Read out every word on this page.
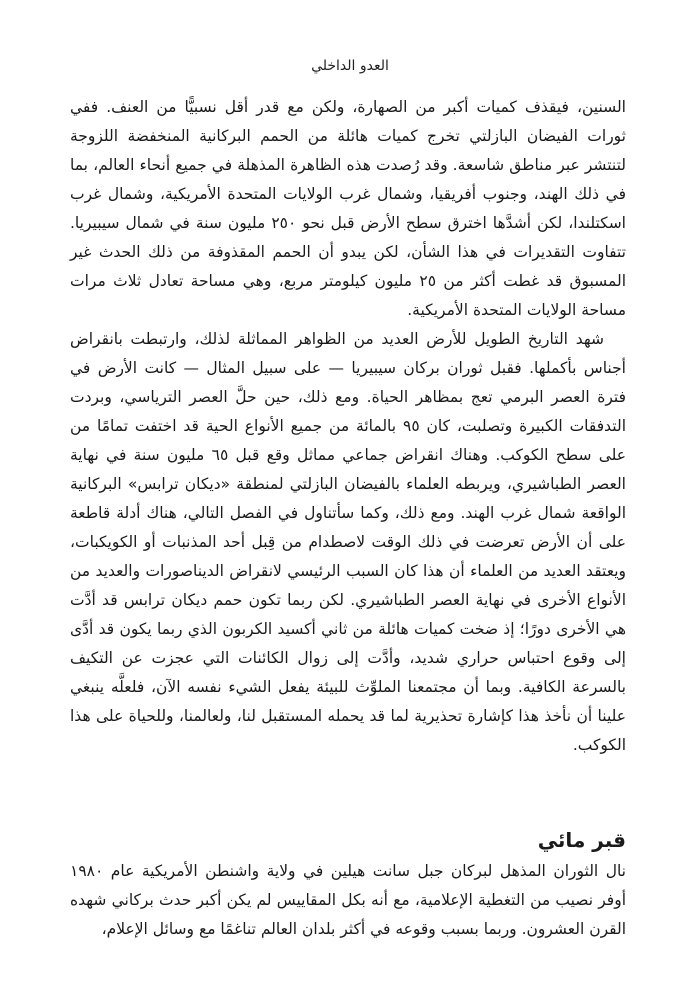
العدو الداخلي

السنين، فيقذف كميات أكبر من الصهارة، ولكن مع قدر أقل نسبيًّا من العنف. ففي ثورات الفيضان البازلتي تخرج كميات هائلة من الحمم البركانية المنخفضة اللزوجة لتنتشر عبر مناطق شاسعة. وقد رُصدت هذه الظاهرة المذهلة في جميع أنحاء العالم، بما في ذلك الهند، وجنوب أفريقيا، وشمال غرب الولايات المتحدة الأمريكية، وشمال غرب اسكتلندا، لكن أشدَّها اخترق سطح الأرض قبل نحو ٢٥٠ مليون سنة في شمال سيبيريا. تتفاوت التقديرات في هذا الشأن، لكن يبدو أن الحمم المقذوفة من ذلك الحدث غير المسبوق قد غطت أكثر من ٢٥ مليون كيلومتر مربع، وهي مساحة تعادل ثلاث مرات مساحة الولايات المتحدة الأمريكية.

شهد التاريخ الطويل للأرض العديد من الظواهر المماثلة لذلك، وارتبطت بانقراض أجناس بأكملها. فقبل ثوران بركان سيبيريا — على سبيل المثال — كانت الأرض في فترة العصر البرمي تعج بمظاهر الحياة. ومع ذلك، حين حلَّ العصر الترياسي، وبردت التدفقات الكبيرة وتصلبت، كان ٩٥ بالمائة من جميع الأنواع الحية قد اختفت تمامًا من على سطح الكوكب. وهناك انقراض جماعي مماثل وقع قبل ٦٥ مليون سنة في نهاية العصر الطباشيري، ويربطه العلماء بالفيضان البازلتي لمنطقة «ديكان ترابس» البركانية الواقعة شمال غرب الهند. ومع ذلك، وكما سأتناول في الفصل التالي، هناك أدلة قاطعة على أن الأرض تعرضت في ذلك الوقت لاصطدام من قِبل أحد المذنبات أو الكويكبات، ويعتقد العديد من العلماء أن هذا كان السبب الرئيسي لانقراض الديناصورات والعديد من الأنواع الأخرى في نهاية العصر الطباشيري. لكن ربما تكون حمم ديكان ترابس قد أدَّت هي الأخرى دورًا؛ إذ ضخت كميات هائلة من ثاني أكسيد الكربون الذي ربما يكون قد أدَّى إلى وقوع احتباس حراري شديد، وأدَّت إلى زوال الكائنات التي عجزت عن التكيف بالسرعة الكافية. وبما أن مجتمعنا الملوِّث للبيئة يفعل الشيء نفسه الآن، فلعلَّه ينبغي علينا أن نأخذ هذا كإشارة تحذيرية لما قد يحمله المستقبل لنا، ولعالمنا، وللحياة على هذا الكوكب.

قبر مائي

نال الثوران المذهل لبركان جبل سانت هيلين في ولاية واشنطن الأمريكية عام ١٩٨٠ أوفر نصيب من التغطية الإعلامية، مع أنه بكل المقاييس لم يكن أكبر حدث بركاني شهده القرن العشرون. وربما بسبب وقوعه في أكثر بلدان العالم تناغمًا مع وسائل الإعلام،
